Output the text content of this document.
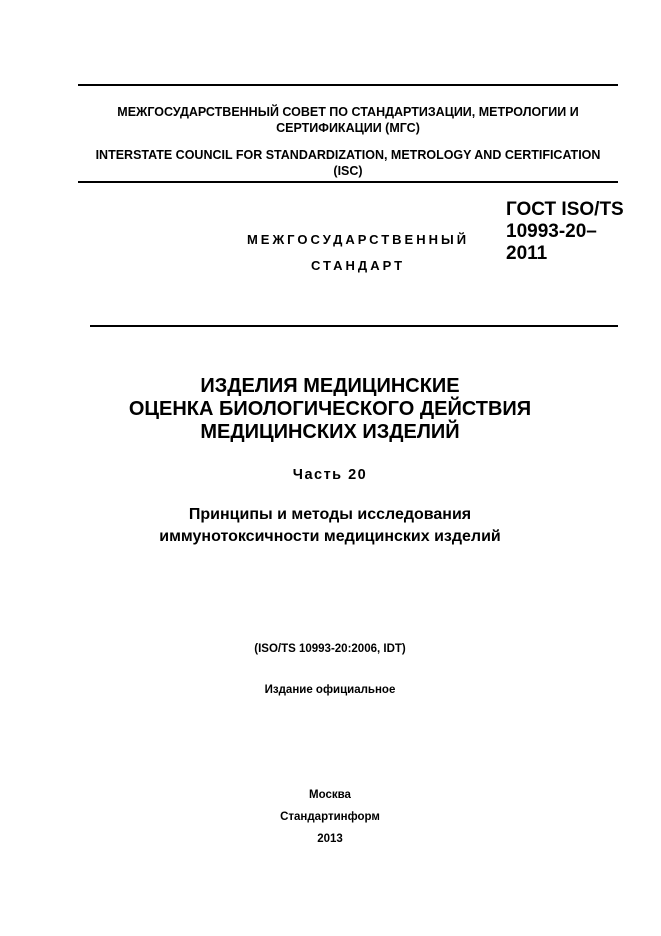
МЕЖГОСУДАРСТВЕННЫЙ СОВЕТ ПО СТАНДАРТИЗАЦИИ, МЕТРОЛОГИИ И СЕРТИФИКАЦИИ (МГС)
INTERSTATE COUNCIL FOR STANDARDIZATION, METROLOGY AND CERTIFICATION (ISC)
МЕЖГОСУДАРСТВЕННЫЙ
СТАНДАРТ
ГОСТ ISO/TS
10993-20–
2011
ИЗДЕЛИЯ МЕДИЦИНСКИЕ
ОЦЕНКА БИОЛОГИЧЕСКОГО ДЕЙСТВИЯ
МЕДИЦИНСКИХ ИЗДЕЛИЙ
Часть 20
Принципы и методы исследования
иммунотоксичности медицинских изделий
(ISO/TS 10993-20:2006, IDT)
Издание официальное
Москва
Стандартинформ
2013
